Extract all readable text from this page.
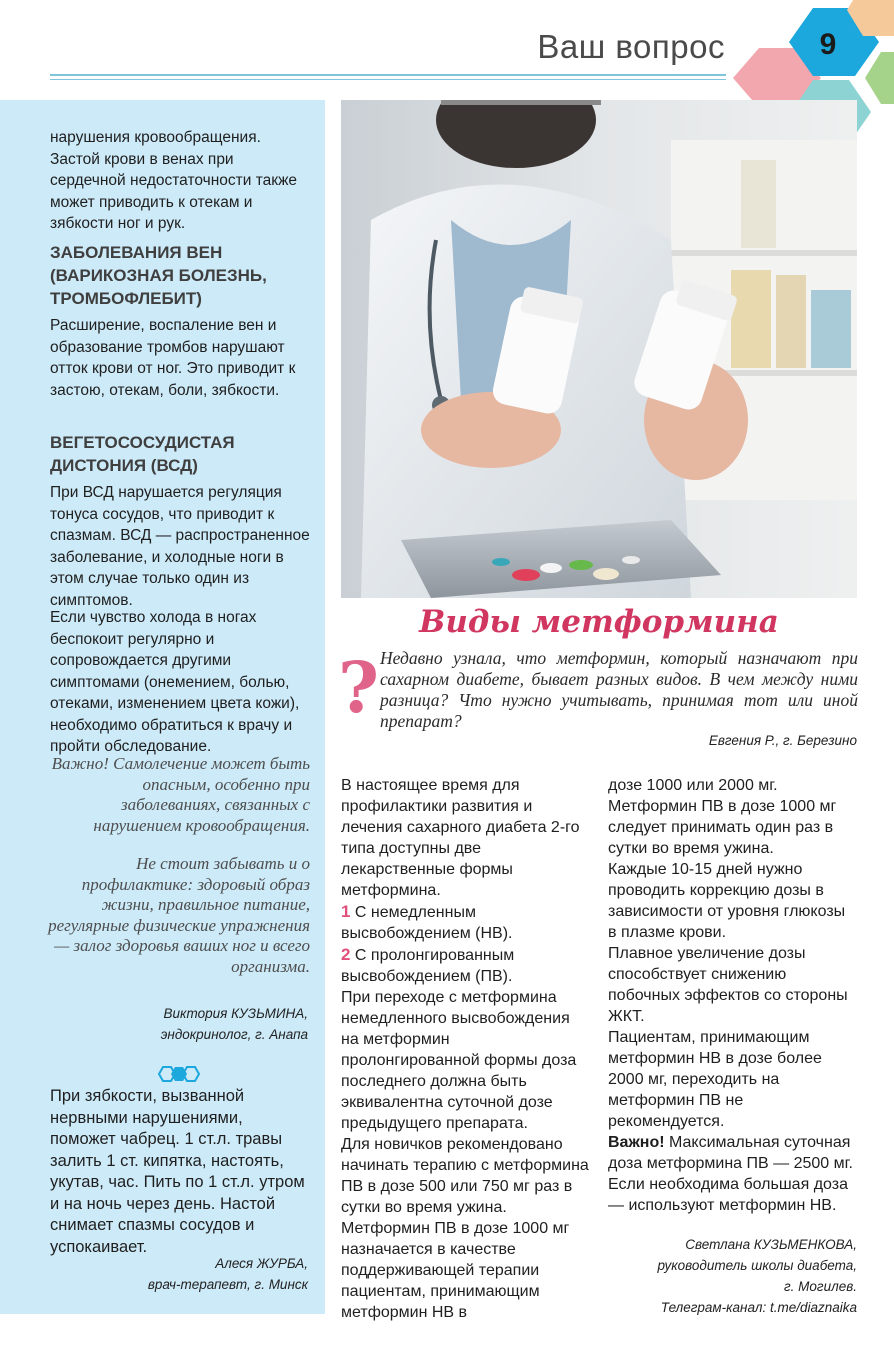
Ваш вопрос	9

нарушения кровообращения. Застой крови в венах при сердечной недостаточности также может приводить к отекам и зябкости ног и рук.

ЗАБОЛЕВАНИЯ ВЕН (ВАРИКОЗНАЯ БОЛЕЗНЬ, ТРОМБОФЛЕБИТ)

Расширение, воспаление вен и образование тромбов нарушают отток крови от ног. Это приводит к застою, отекам, боли, зябкости.

ВЕГЕТОСОСУДИСТАЯ ДИСТОНИЯ (ВСД)

При ВСД нарушается регуляция тонуса сосудов, что приводит к спазмам. ВСД — распространенное заболевание, и холодные ноги в этом случае только один из симптомов.

Если чувство холода в ногах беспокоит регулярно и сопровождается другими симптомами (онемением, болью, отеками, изменением цвета кожи), необходимо обратиться к врачу и пройти обследование.

Важно! Самолечение может быть опасным, особенно при заболеваниях, связанных с нарушением кровообращения.

Не стоит забывать и о профилактике: здоровый образ жизни, правильное питание, регулярные физические упражнения — залог здоровья ваших ног и всего организма.

Виктория КУЗЬМИНА,

эндокринолог, г. Анапа

При зябкости, вызванной нервными нарушениями, поможет чабрец. 1 ст.л. травы залить 1 ст. кипятка, настоять, укутав, час. Пить по 1 ст.л. утром и на ночь через день. Настой снимает спазмы сосудов и успокаивает.

Алеся ЖУРБА,

врач-терапевт, г. Минск

Виды метформина
? Недавно узнала, что метформин, который назначают при сахарном диабете, бывает разных видов. В чем между ними разница? Что нужно учитывать, принимая тот или иной препарат?

Евгения Р., г. Березино

В настоящее время для профилактики развития и лечения сахарного диабета 2-го типа доступны две лекарственные формы метформина.

1 С немедленным высвобождением (НВ).

2 С пролонгированным высвобождением (ПВ).

При переходе с метформина немедленного высвобождения на метформин пролонгированной формы доза последнего должна быть эквивалентна суточной дозе предыдущего препарата.

Для новичков рекомендовано начинать терапию с метформина ПВ в дозе 500 или 750 мг раз в сутки во время ужина.

Метформин ПВ в дозе 1000 мг назначается в качестве поддерживающей терапии пациентам, принимающим метформин НВ в

дозе 1000 или 2000 мг. Метформин ПВ в дозе 1000 мг следует принимать один раз в сутки во время ужина.

Каждые 10-15 дней нужно проводить коррекцию дозы в зависимости от уровня глюкозы в плазме крови.

Плавное увеличение дозы способствует снижению побочных эффектов со стороны ЖКТ.

Пациентам, принимающим метформин НВ в дозе более 2000 мг, переходить на метформин ПВ не рекомендуется.

Важно! Максимальная суточная доза метформина ПВ — 2500 мг. Если необходима большая доза — используют метформин НВ.

Светлана КУЗЬМЕНКОВА,

руководитель школы диабета,

г. Могилев.

Телеграм-канал: t.me/diaznaika
